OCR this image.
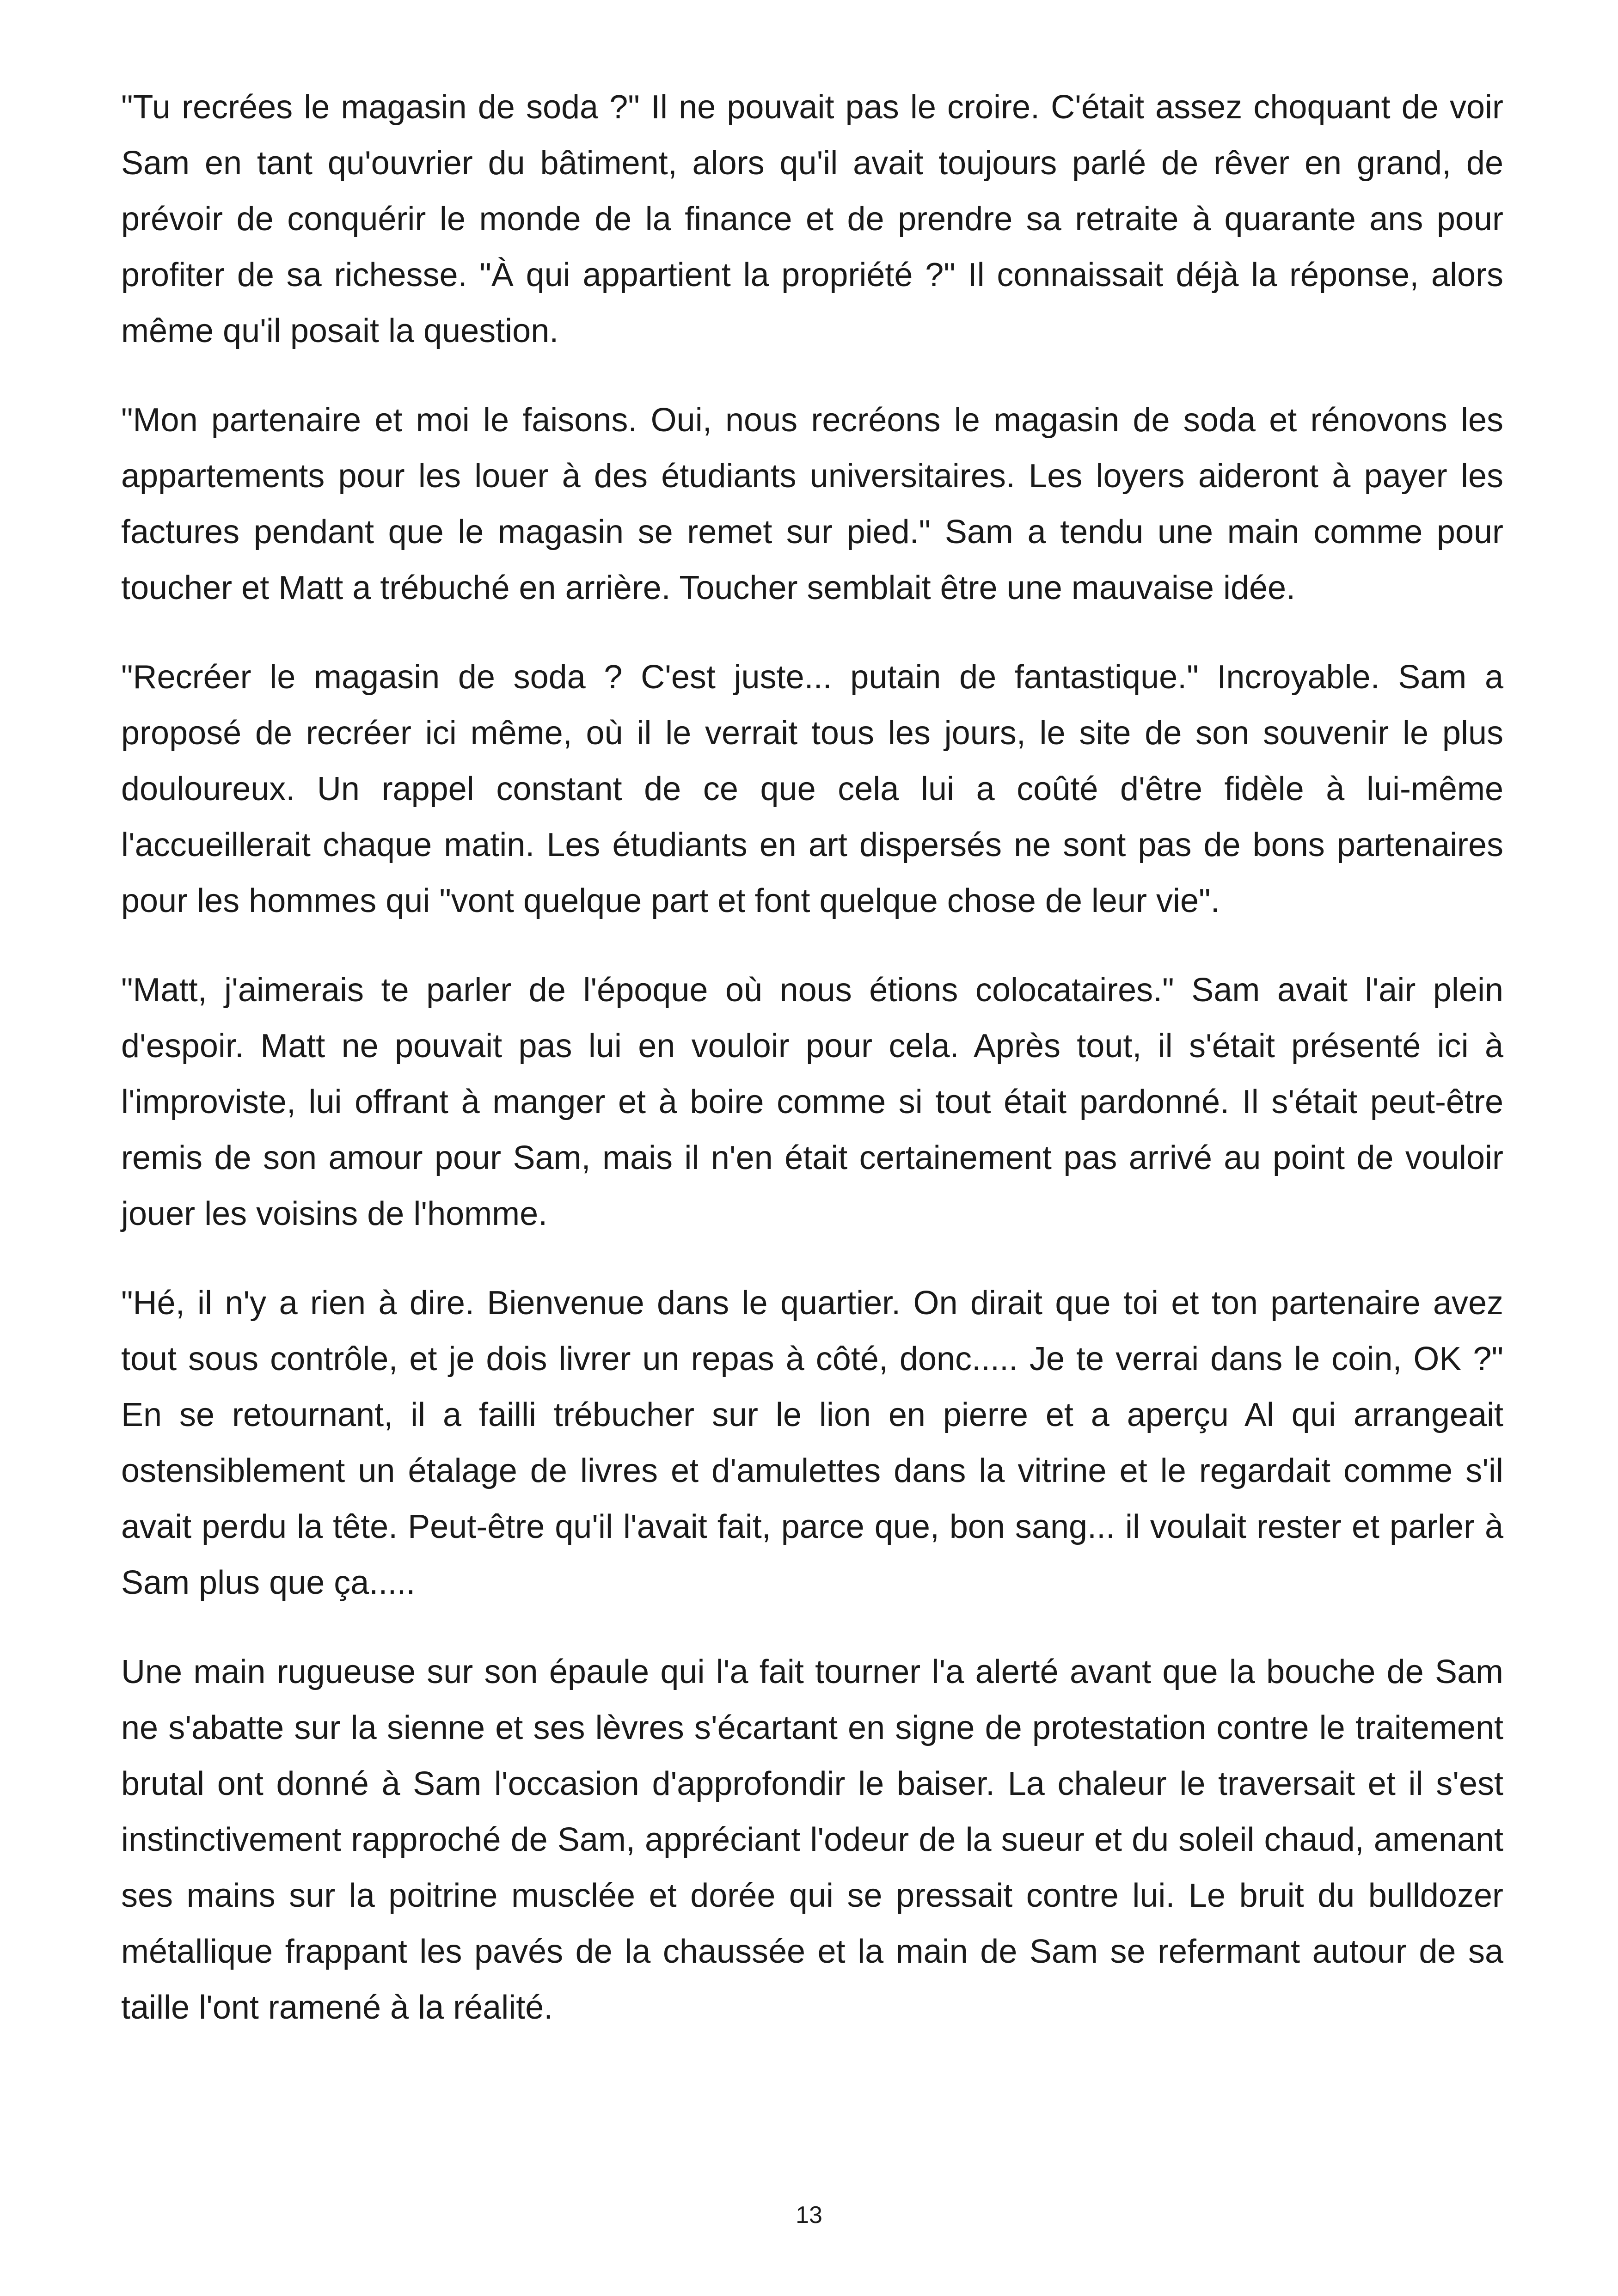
"Tu recrées le magasin de soda ?" Il ne pouvait pas le croire. C'était assez choquant de voir Sam en tant qu'ouvrier du bâtiment, alors qu'il avait toujours parlé de rêver en grand, de prévoir de conquérir le monde de la finance et de prendre sa retraite à quarante ans pour profiter de sa richesse. "À qui appartient la propriété ?" Il connaissait déjà la réponse, alors même qu'il posait la question.

"Mon partenaire et moi le faisons. Oui, nous recréons le magasin de soda et rénovons les appartements pour les louer à des étudiants universitaires. Les loyers aideront à payer les factures pendant que le magasin se remet sur pied." Sam a tendu une main comme pour toucher et Matt a trébuché en arrière. Toucher semblait être une mauvaise idée.

"Recréer le magasin de soda ? C'est juste... putain de fantastique." Incroyable. Sam a proposé de recréer ici même, où il le verrait tous les jours, le site de son souvenir le plus douloureux. Un rappel constant de ce que cela lui a coûté d'être fidèle à lui-même l'accueillerait chaque matin. Les étudiants en art dispersés ne sont pas de bons partenaires pour les hommes qui "vont quelque part et font quelque chose de leur vie".

"Matt, j'aimerais te parler de l'époque où nous étions colocataires." Sam avait l'air plein d'espoir. Matt ne pouvait pas lui en vouloir pour cela. Après tout, il s'était présenté ici à l'improviste, lui offrant à manger et à boire comme si tout était pardonné. Il s'était peut-être remis de son amour pour Sam, mais il n'en était certainement pas arrivé au point de vouloir jouer les voisins de l'homme.

"Hé, il n'y a rien à dire. Bienvenue dans le quartier. On dirait que toi et ton partenaire avez tout sous contrôle, et je dois livrer un repas à côté, donc..... Je te verrai dans le coin, OK ?" En se retournant, il a failli trébucher sur le lion en pierre et a aperçu Al qui arrangeait ostensiblement un étalage de livres et d'amulettes dans la vitrine et le regardait comme s'il avait perdu la tête. Peut-être qu'il l'avait fait, parce que, bon sang... il voulait rester et parler à Sam plus que ça.....

Une main rugueuse sur son épaule qui l'a fait tourner l'a alerté avant que la bouche de Sam ne s'abatte sur la sienne et ses lèvres s'écartant en signe de protestation contre le traitement brutal ont donné à Sam l'occasion d'approfondir le baiser. La chaleur le traversait et il s'est instinctivement rapproché de Sam, appréciant l'odeur de la sueur et du soleil chaud, amenant ses mains sur la poitrine musclée et dorée qui se pressait contre lui. Le bruit du bulldozer métallique frappant les pavés de la chaussée et la main de Sam se refermant autour de sa taille l'ont ramené à la réalité.

13
